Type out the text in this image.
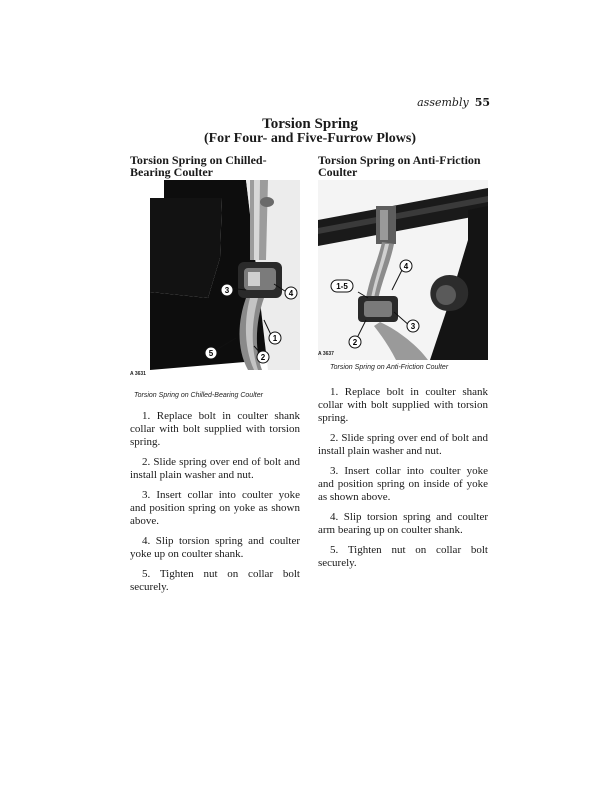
assembly 55
Torsion Spring
(For Four- and Five-Furrow Plows)
Torsion Spring on Chilled-
Bearing Coulter
Torsion Spring on Anti-Friction
Coulter
3	4
1
5	2
A 3631
4
1-5
3
2
A 3637
Torsion Spring on Chilled-Bearing Coulter
Torsion Spring on Anti-Friction Coulter

1. Replace bolt in coulter shank collar with bolt supplied with torsion spring.

2. Slide spring over end of bolt and install plain washer and nut.

3. Insert collar into coulter yoke and position spring on yoke as shown above.

4. Slip torsion spring and coulter yoke up on coulter shank.

5. Tighten nut on collar bolt securely.

1. Replace bolt in coulter shank collar with bolt supplied with torsion spring.

2. Slide spring over end of bolt and install plain washer and nut.

3. Insert collar into coulter yoke and position spring on inside of yoke as shown above.

4. Slip torsion spring and coulter arm bearing up on coulter shank.

5. Tighten nut on collar bolt securely.
